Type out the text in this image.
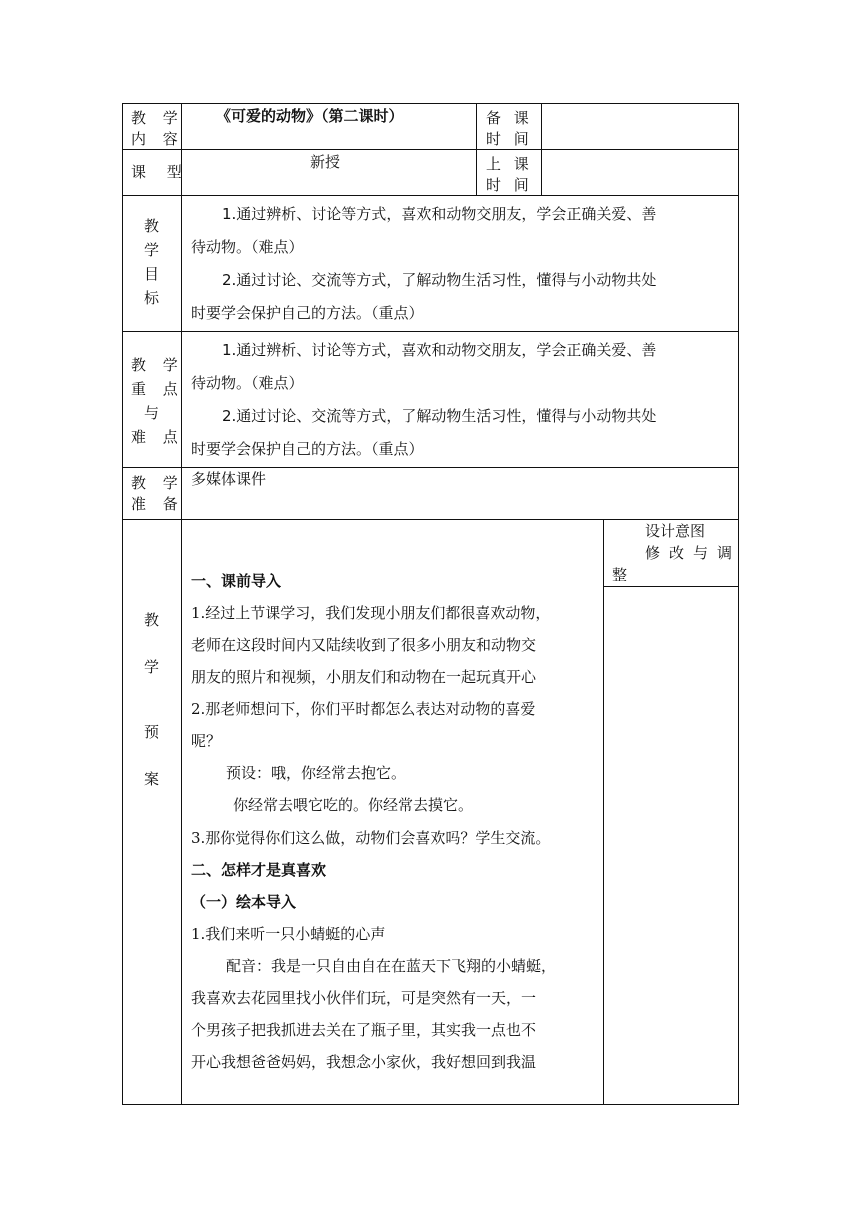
教 学
内 容
《可爱的动物》（第二课时）	备 课
时 间
课 型
新授	上 课
时 间
教
学
目
标
1.通过辨析、讨论等方式，喜欢和动物交朋友，学会正确关爱、善
待动物。（难点）
2.通过讨论、交流等方式，了解动物生活习性，懂得与小动物共处
时要学会保护自己的方法。（重点）
教 学
重 点
与
难 点
1.通过辨析、讨论等方式，喜欢和动物交朋友，学会正确关爱、善
待动物。（难点）
2.通过讨论、交流等方式，了解动物生活习性，懂得与小动物共处
时要学会保护自己的方法。（重点）
教 学
准 备
多媒体课件
教
学
预
案
设计意图
修改与调
整
一、课前导入
1.经过上节课学习，我们发现小朋友们都很喜欢动物，
老师在这段时间内又陆续收到了很多小朋友和动物交
朋友的照片和视频，小朋友们和动物在一起玩真开心
2.那老师想问下，你们平时都怎么表达对动物的喜爱
呢？
预设：哦，你经常去抱它。
你经常去喂它吃的。你经常去摸它。
3.那你觉得你们这么做，动物们会喜欢吗？学生交流。
二、怎样才是真喜欢
（一）绘本导入
1.我们来听一只小蜻蜓的心声
配音：我是一只自由自在在蓝天下飞翔的小蜻蜓，
我喜欢去花园里找小伙伴们玩，可是突然有一天，一
个男孩子把我抓进去关在了瓶子里，其实我一点也不
开心我想爸爸妈妈，我想念小家伙，我好想回到我温
